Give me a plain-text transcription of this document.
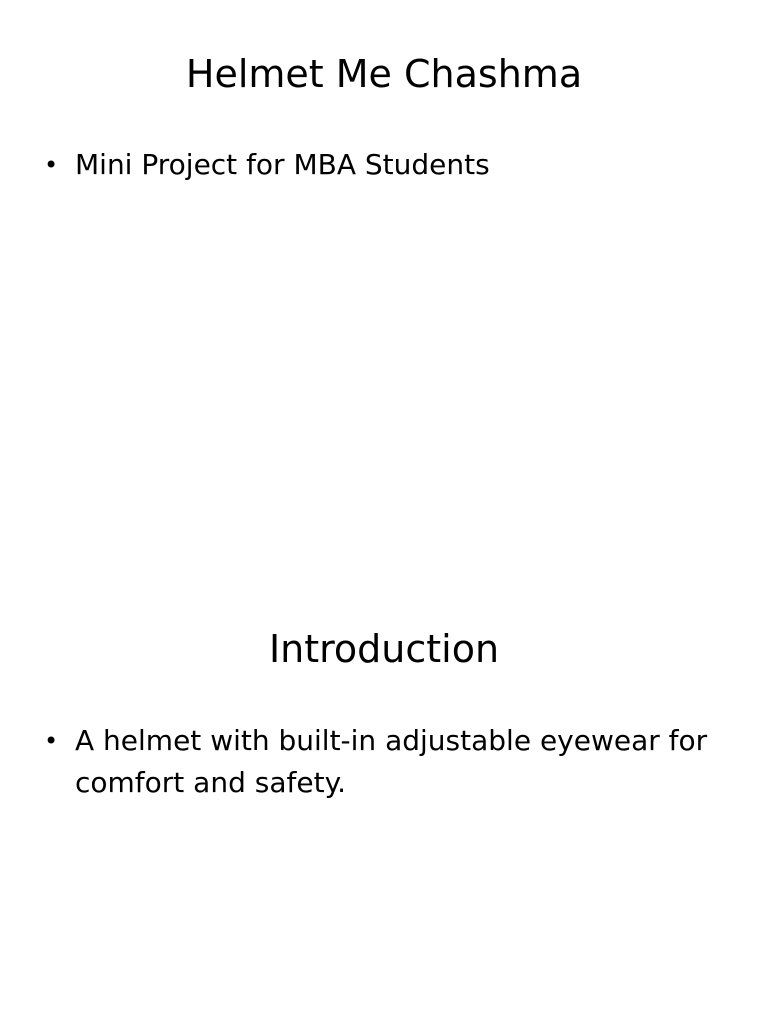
Helmet Me Chashma
• Mini Project for MBA Students
Introduction
• A helmet with built-in adjustable eyewear for comfort and safety.
